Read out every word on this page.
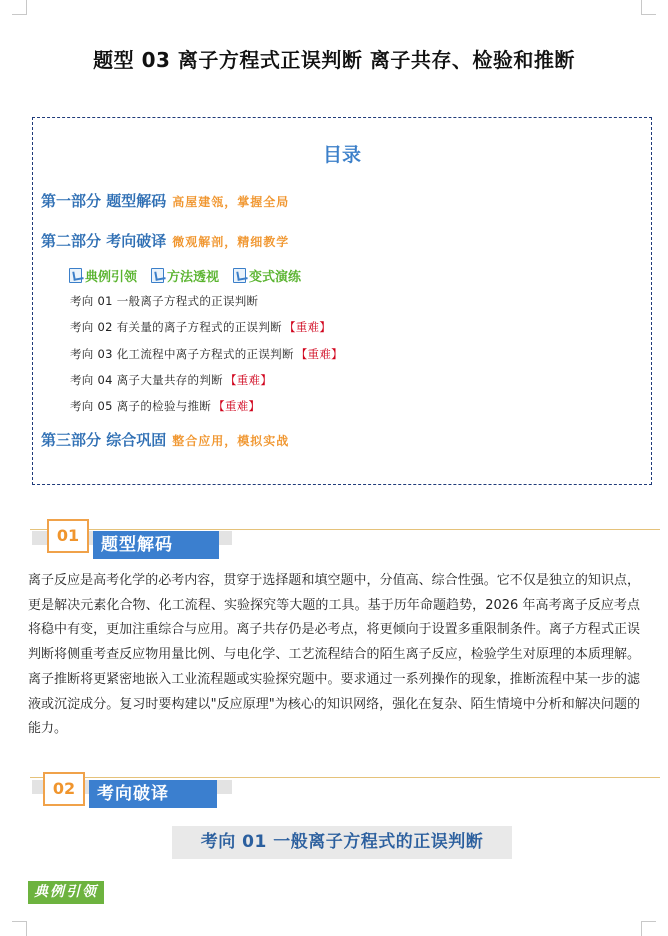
题型 03 离子方程式正误判断 离子共存、检验和推断
目录
第一部分 题型解码 高屋建瓴，掌握全局
第二部分 考向破译 微观解剖，精细教学
典例引领 方法透视 变式演练
考向 01 一般离子方程式的正误判断
考向 02 有关量的离子方程式的正误判断 【重难】
考向 03 化工流程中离子方程式的正误判断 【重难】
考向 04 离子大量共存的判断 【重难】
考向 05 离子的检验与推断 【重难】
第三部分 综合巩固 整合应用，模拟实战
题型解码
01

离子反应是高考化学的必考内容，贯穿于选择题和填空题中，分值高、综合性强。它不仅是独立的知识点，更是解决元素化合物、化工流程、实验探究等大题的工具。基于历年命题趋势，2026 年高考离子反应考点将稳中有变，更加注重综合与应用。离子共存仍是必考点，将更倾向于设置多重限制条件。离子方程式正误判断将侧重考查反应物用量比例、与电化学、工艺流程结合的陌生离子反应，检验学生对原理的本质理解。离子推断将更紧密地嵌入工业流程题或实验探究题中。要求通过一系列操作的现象，推断流程中某一步的滤液或沉淀成分。复习时要构建以"反应原理"为核心的知识网络，强化在复杂、陌生情境中分析和解决问题的能力。

考向破译
02
考向 01 一般离子方程式的正误判断
典例引领
